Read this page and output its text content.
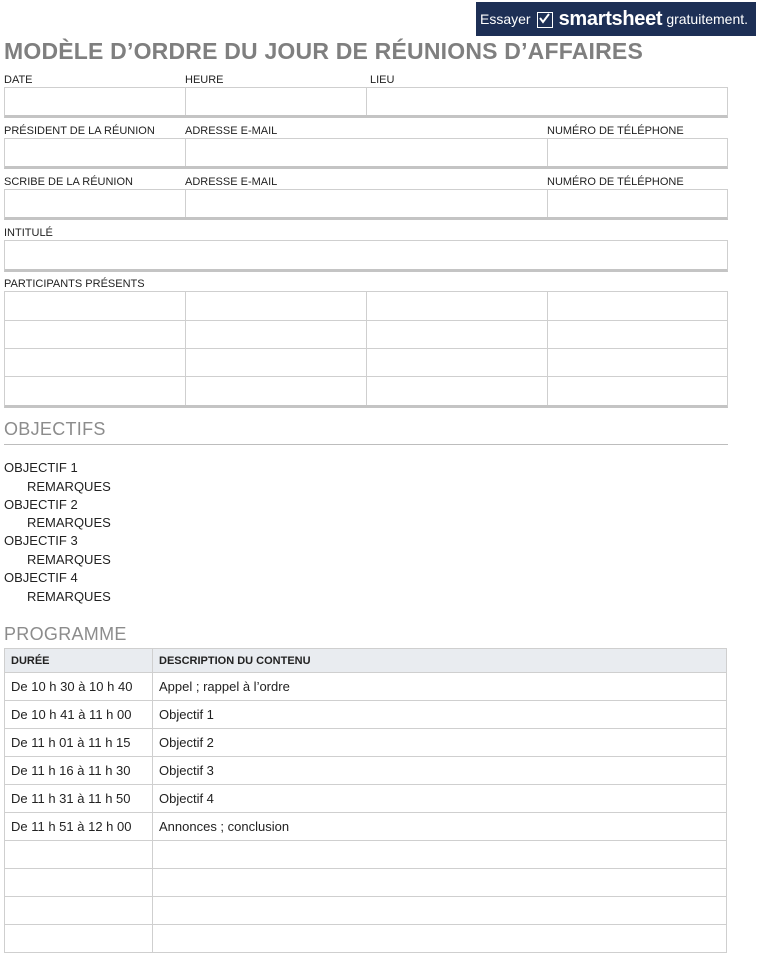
Essayer smartsheet gratuitement.
MODÈLE D’ORDRE DU JOUR DE RÉUNIONS D’AFFAIRES
DATE	HEURE	LIEU
PRÉSIDENT DE LA RÉUNION	ADRESSE E-MAIL	NUMÉRO DE TÉLÉPHONE
SCRIBE DE LA RÉUNION	ADRESSE E-MAIL	NUMÉRO DE TÉLÉPHONE
INTITULÉ
PARTICIPANTS PRÉSENTS
OBJECTIFS
OBJECTIF 1
REMARQUES
OBJECTIF 2
REMARQUES
OBJECTIF 3
REMARQUES
OBJECTIF 4
REMARQUES
PROGRAMME
DURÉE	DESCRIPTION DU CONTENU
De 10 h 30 à 10 h 40	Appel ; rappel à l’ordre
De 10 h 41 à 11 h 00	Objectif 1
De 11 h 01 à 11 h 15	Objectif 2
De 11 h 16 à 11 h 30	Objectif 3
De 11 h 31 à 11 h 50	Objectif 4
De 11 h 51 à 12 h 00	Annonces ; conclusion
